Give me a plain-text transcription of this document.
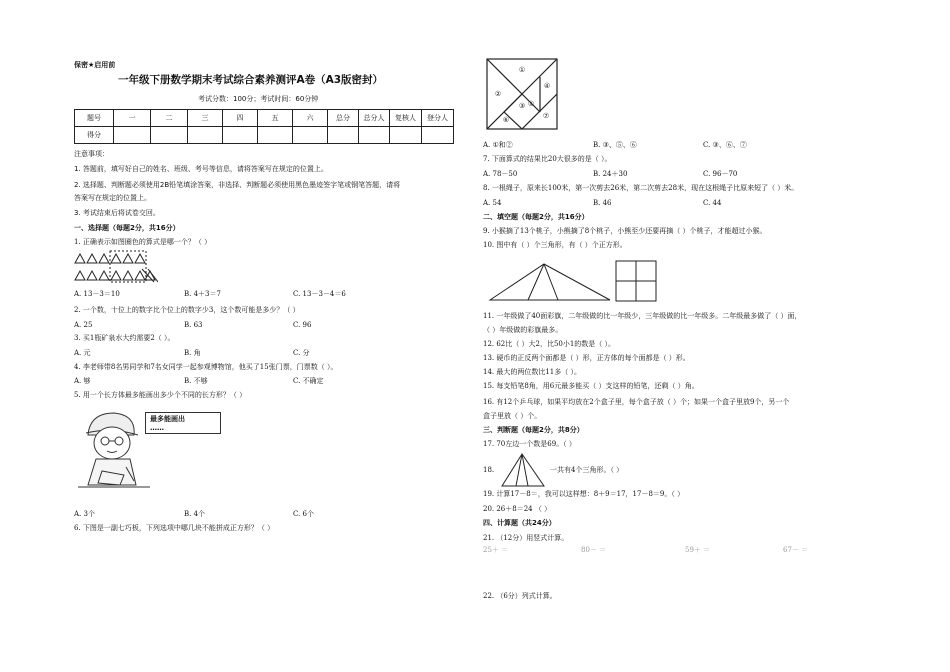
保密★启用前
一年级下册数学期末考试综合素养测评A卷（A3版密封）
考试分数：100分；考试时间：60分钟
题号	一	二	三	四	五	六	总分	总分人	复核人	登分人
得分										
注意事项：
1. 答题前，填写好自己的姓名、班级、考号等信息，请将答案写在规定的位置上。
2. 选择题、判断题必须使用2B铅笔填涂答案，非选择、判断题必须使用黑色墨迹签字笔或钢笔答题，请将
答案写在规定的位置上。
3. 考试结束后将试卷交回。
一、选择题（每题2分，共16分）
1. 正确表示如图圈色的算式是哪一个？（ ）
A. 13－3＝10	B. 4＋3＝7	C. 13－3－4＝6
2. 一个数，十位上的数字比个位上的数字少3，这个数可能是多少？（ ）
A. 25	B. 63	C. 96
3. 买1瓶矿泉水大约需要2（ ）。
A. 元	B. 角	C. 分
4. 李老师带8名男同学和7名女同学一起参观博物馆，他买了15张门票，门票数（ ）。
A. 够	B. 不够	C. 不确定
5. 用一个长方体最多能画出多少个不同的长方形？（ ）
最多能画出
……
A. 3个	B. 4个	C. 6个
6. 下图是一副七巧板，下列选项中哪几块不能拼成正方形？（ ）
①
②
③
④
⑤
⑥	⑦
A. ①和②	B. ③、⑤、⑥	C. ③、⑥、⑦
7. 下面算式的结果比20大很多的是（ ）。
A. 78－50	B. 24＋30	C. 96－70
8. 一根绳子，原来长100米，第一次剪去26米，第二次剪去28米，现在这根绳子比原来短了（ ）米。
A. 54	B. 46	C. 44
二、填空题（每题2分，共16分）
9. 小猴摘了13个桃子，小熊摘了8个桃子，小熊至少还要再摘（ ）个桃子，才能超过小猴。
10. 图中有（ ）个三角形，有（ ）个正方形。
11. 一年级做了40面彩旗，二年级做的比一年级少，三年级做的比一年级多。二年级最多做了（ ）面，
（ ）年级做的彩旗最多。
12. 62比（ ）大2，比50小1的数是（ ）。
13. 硬币的正反两个面都是（ ）形，正方体的每个面都是（ ）形。
14. 最大的两位数比11多（ ）。
15. 每支铅笔8角，用6元最多能买（ ）支这样的铅笔，还剩（ ）角。
16. 有12个乒乓球，如果平均放在2个盒子里，每个盒子放（ ）个；如果一个盒子里放9个，另一个
盒子里放（ ）个。
三、判断题（每题2分，共8分）
17. 70左边一个数是69。（ ）
18.	一共有4个三角形。（ ）
19. 计算17－8＝，我可以这样想：8＋9＝17，17－8＝9。（ ）
20. 26＋8＝24 （ ）
四、计算题（共24分）
21. （12分）用竖式计算。
25＋ ＝	80－ ＝	59＋ ＝	67－ ＝
22. （6分）列式计算。
